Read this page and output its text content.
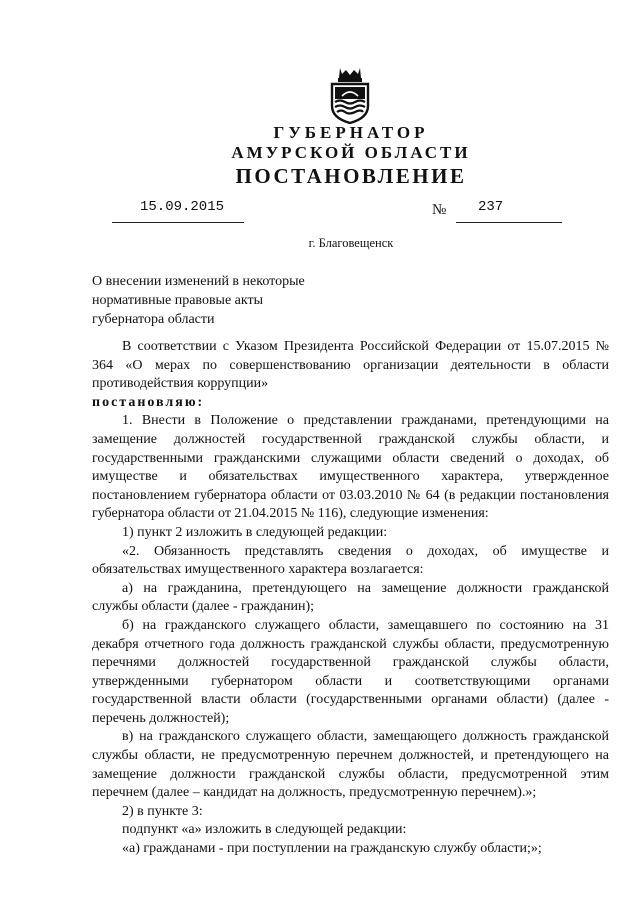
ГУБЕРНАТОР
АМУРСКОЙ ОБЛАСТИ
ПОСТАНОВЛЕНИЕ
15.09.2015	№ 237
г. Благовещенск
О внесении изменений в некоторые
нормативные правовые акты
губернатора области

В соответствии с Указом Президента Российской Федерации от 15.07.2015 № 364 «О мерах по совершенствованию организации деятельности в области противодействия коррупции»

постановляю:

1. Внести в Положение о представлении гражданами, претендующими на замещение должностей государственной гражданской службы области, и государственными гражданскими служащими области сведений о доходах, об имуществе и обязательствах имущественного характера, утвержденное постановлением губернатора области от 03.03.2010 № 64 (в редакции постановления губернатора области от 21.04.2015 № 116), следующие изменения:

1) пункт 2 изложить в следующей редакции:

«2. Обязанность представлять сведения о доходах, об имуществе и обязательствах имущественного характера возлагается:

а) на гражданина, претендующего на замещение должности гражданской службы области (далее - гражданин);

б) на гражданского служащего области, замещавшего по состоянию на 31 декабря отчетного года должность гражданской службы области, предусмотренную перечнями должностей государственной гражданской службы области, утвержденными губернатором области и соответствующими органами государственной власти области (государственными органами области) (далее - перечень должностей);

в) на гражданского служащего области, замещающего должность гражданской службы области, не предусмотренную перечнем должностей, и претендующего на замещение должности гражданской службы области, предусмотренной этим перечнем (далее – кандидат на должность, предусмотренную перечнем).»;

2) в пункте 3:

подпункт «а» изложить в следующей редакции:

«а) гражданами - при поступлении на гражданскую службу области;»;
